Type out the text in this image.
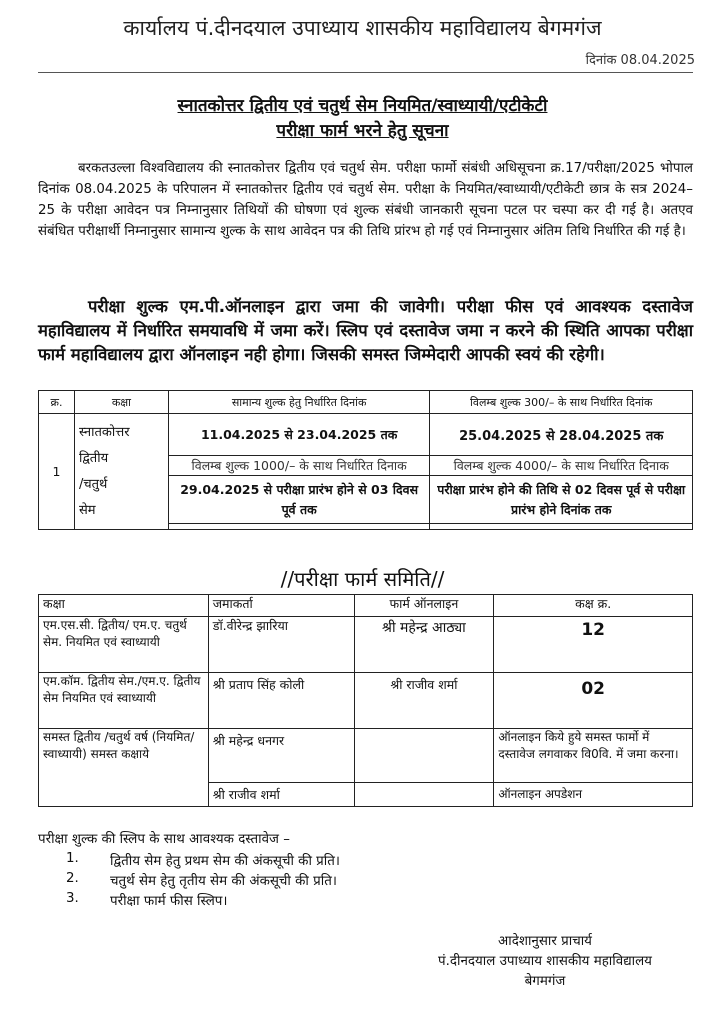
कार्यालय पं.दीनदयाल उपाध्याय शासकीय महाविद्यालय बेगमगंज
दिनांक 08.04.2025
स्नातकोत्तर द्वितीय एवं चतुर्थ सेम नियमित/स्वाध्यायी/एटीकेटी
परीक्षा फार्म भरने हेतु सूचना

बरकतउल्ला विश्वविद्यालय की स्नातकोत्तर द्वितीय एवं चतुर्थ सेम. परीक्षा फार्मो संबंधी अधिसूचना क्र.17/परीक्षा/2025 भोपाल दिनांक 08.04.2025 के परिपालन में स्नातकोत्तर द्वितीय एवं चतुर्थ सेम. परीक्षा के नियमित/स्वाध्यायी/एटीकेटी छात्र के सत्र 2024–25 के परीक्षा आवेदन पत्र निम्नानुसार तिथियों की घोषणा एवं शुल्क संबंधी जानकारी सूचना पटल पर चस्पा कर दी गई है। अतएव संबंधित परीक्षार्थी निम्नानुसार सामान्य शुल्क के साथ आवेदन पत्र की तिथि प्रांरभ हो गई एवं निम्नानुसार अंतिम तिथि निर्धारित की गई है।

परीक्षा शुल्क एम.पी.ऑनलाइन द्वारा जमा की जावेगी। परीक्षा फीस एवं आवश्यक दस्तावेज महाविद्यालय में निर्धारित समयावधि में जमा करें। स्लिप एवं दस्तावेज जमा न करने की स्थिति आपका परीक्षा फार्म महाविद्यालय द्वारा ऑनलाइन नही होगा। जिसकी समस्त जिम्मेदारी आपकी स्वयं की रहेगी।

क्र.	कक्षा	सामान्य शुल्क हेतु निर्धारित दिनांक	विलम्ब शुल्क 300/– के साथ निर्धारित दिनांक
1	स्नातकोत्तर
द्वितीय
/चतुर्थ
सेम	11.04.2025 से 23.04.2025 तक	25.04.2025 से 28.04.2025 तक
		विलम्ब शुल्क 1000/– के साथ निर्धारित दिनाक	विलम्ब शुल्क 4000/– के साथ निर्धारित दिनाक
		29.04.2025 से परीक्षा प्रारंभ होने से 03 दिवस पूर्व तक	परीक्षा प्रारंभ होने की तिथि से 02 दिवस पूर्व से परीक्षा प्रारंभ होने दिनांक तक

//परीक्षा फार्म समिति//
कक्षा	जमाकर्ता	फार्म ऑनलाइन	कक्ष क्र.
एम.एस.सी. द्वितीय/ एम.ए. चतुर्थ सेम. नियमित एवं स्वाध्यायी	डॉ.वीरेन्द्र झारिया	श्री महेन्द्र आठ्या	12
एम.कॉम. द्वितीय सेम./एम.ए. द्वितीय सेम नियमित एवं स्वाध्यायी	श्री प्रताप सिंह कोली	श्री राजीव शर्मा	02
समस्त द्वितीय /चतुर्थ वर्ष (नियमित/स्वाध्यायी) समस्त कक्षाये	श्री महेन्द्र धनगर		ऑनलाइन किये हुये समस्त फार्मो में दस्तावेज लगवाकर वि0वि. में जमा करना।
	श्री राजीव शर्मा		ऑनलाइन अपडेशन
परीक्षा शुल्क की स्लिप के साथ आवश्यक दस्तावेज –
1. द्वितीय सेम हेतु प्रथम सेम की अंकसूची की प्रति।
2. चतुर्थ सेम हेतु तृतीय सेम की अंकसूची की प्रति।
3. परीक्षा फार्म फीस स्लिप।
आदेशानुसार प्राचार्य
पं.दीनदयाल उपाध्याय शासकीय महाविद्यालय
बेगमगंज
